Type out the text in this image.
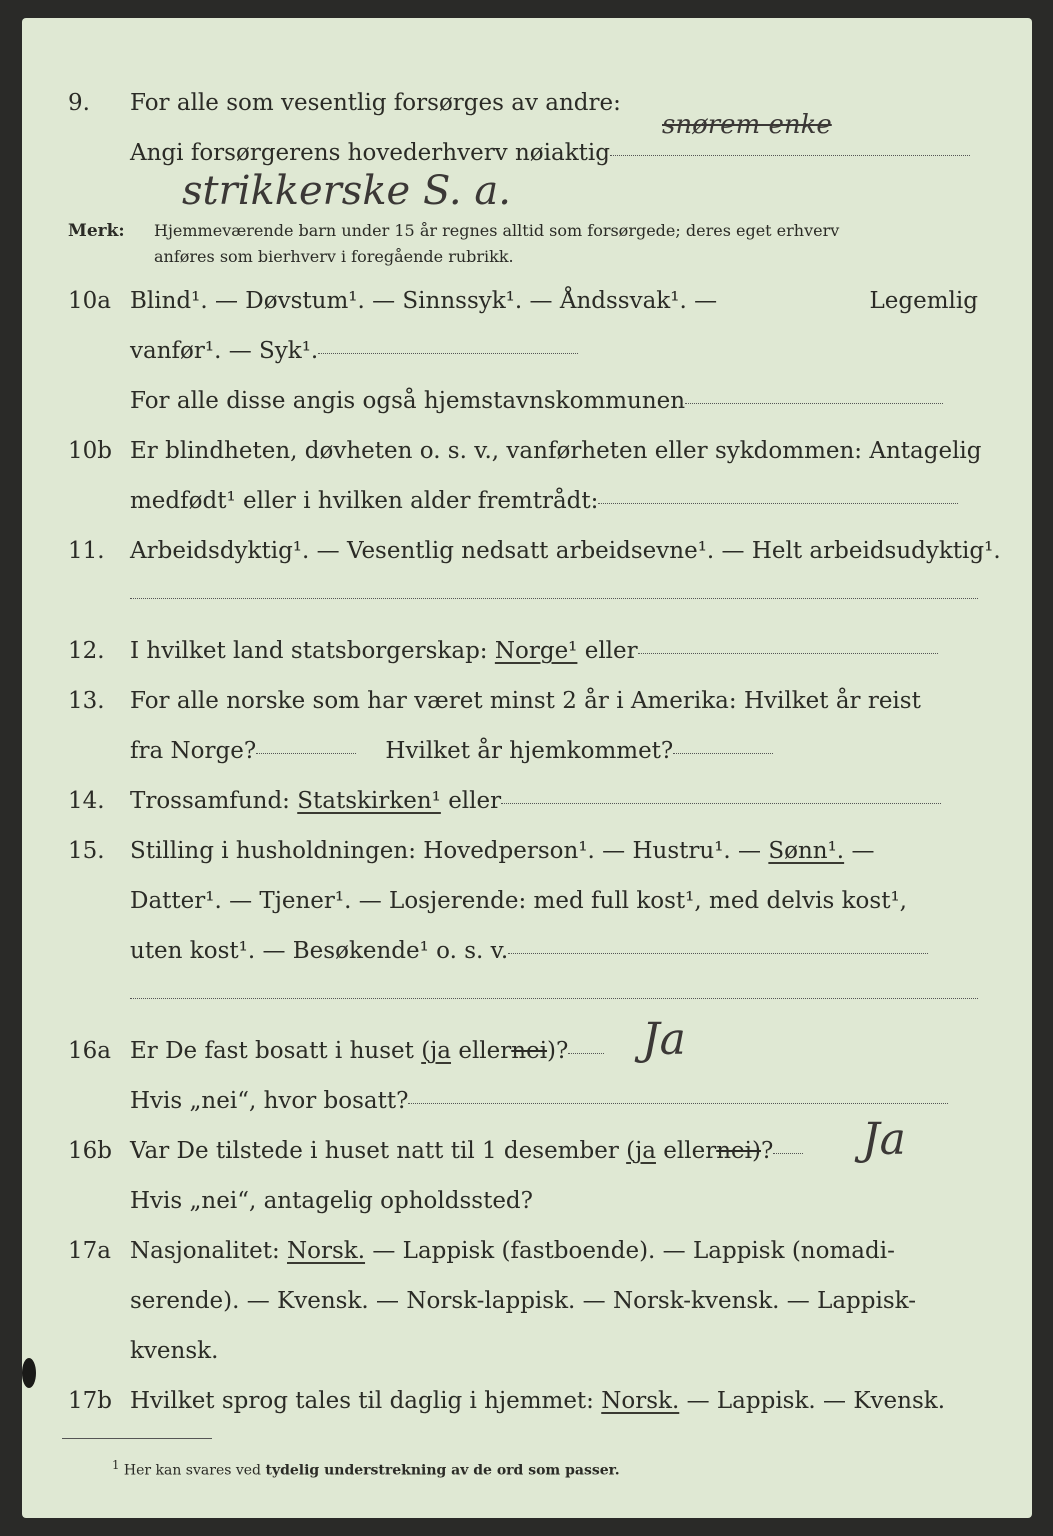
9. For alle som vesentlig forsørges av andre:
Angi forsørgerens hovederhverv nøiaktig
snørem enke
strikkerske S. a.
Merk: Hjemmeværende barn under 15 år regnes alltid som forsørgede; deres eget erhverv
anføres som bierhverv i foregående rubrikk.
10a Blind¹. — Døvstum¹. — Sinnssyk¹. — Åndssvak¹. —	Legemlig
vanfør¹. — Syk¹.
For alle disse angis også hjemstavnskommunen
10b Er blindheten, døvheten o. s. v., vanførheten eller sykdommen: Antagelig
medfødt¹ eller i hvilken alder fremtrådt:
11. Arbeidsdyktig¹. — Vesentlig nedsatt arbeidsevne¹. — Helt arbeidsudyktig¹.
12. I hvilket land statsborgerskap: Norge¹ eller
13. For alle norske som har været minst 2 år i Amerika: Hvilket år reist
fra Norge?	Hvilket år hjemkommet?
14. Trossamfund: Statskirken¹ eller
15. Stilling i husholdningen: Hovedperson¹. — Hustru¹. — Sønn¹. —
Datter¹. — Tjener¹. — Losjerende: med full kost¹, med delvis kost¹,
uten kost¹. — Besøkende¹ o. s. v.
16a Er De fast bosatt i huset (ja ellernei)?	Ja
Hvis „nei“, hvor bosatt?
16b Var De tilstede i huset natt til 1 desember (ja ellernei)?	Ja
Hvis „nei“, antagelig opholdssted?
17a Nasjonalitet: Norsk. — Lappisk (fastboende). — Lappisk (nomadi-
serende). — Kvensk. — Norsk-lappisk. — Norsk-kvensk. — Lappisk-
kvensk.
17b Hvilket sprog tales til daglig i hjemmet: Norsk. — Lappisk. — Kvensk.
$^1$ Her kan svares ved tydelig understrekning av de ord som passer.
